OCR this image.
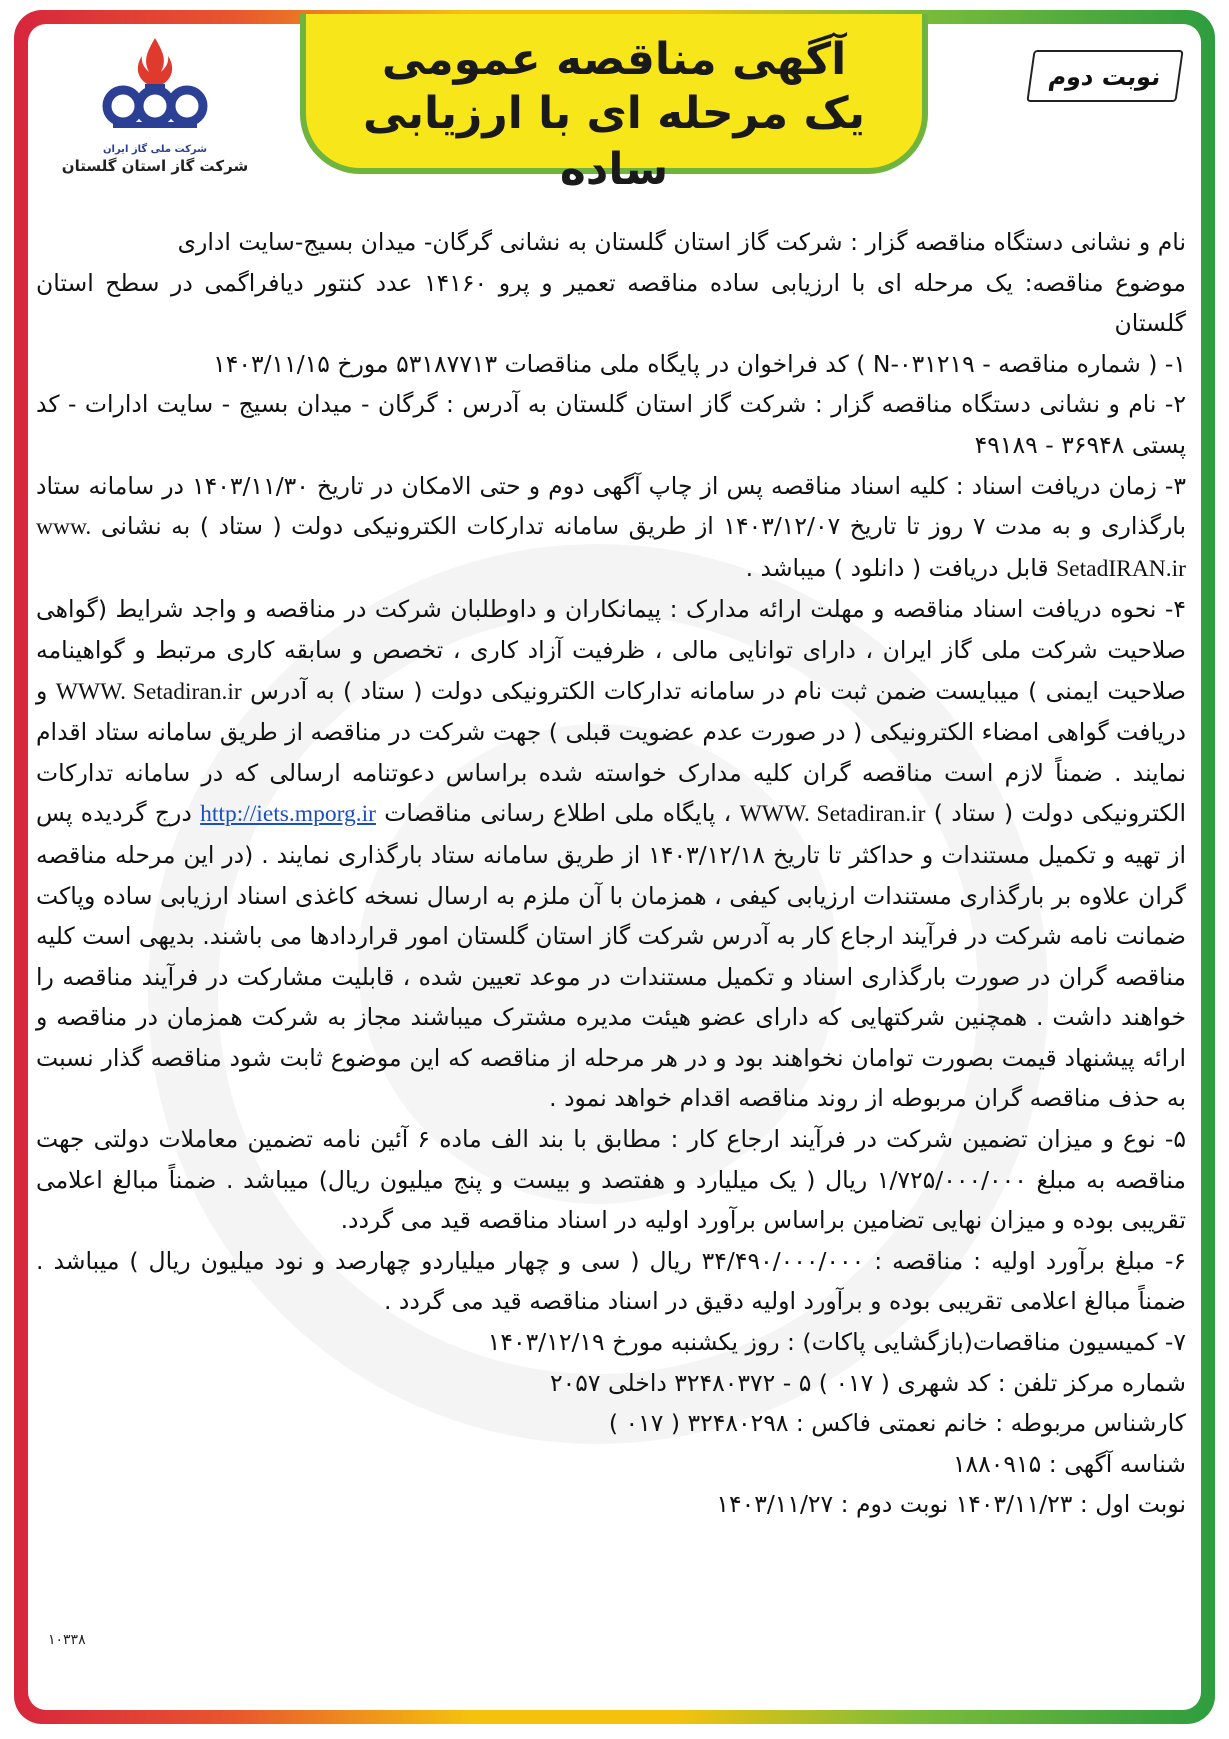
آگهی مناقصه عمومی
یک مرحله ای با ارزیابی ساده
نوبت دوم
شرکت ملی گاز ایران
شرکت گاز استان گلستان

نام و نشانی دستگاه مناقصه گزار : شرکت گاز استان گلستان به نشانی گرگان- میدان بسیج-سایت اداری

موضوع مناقصه: یک مرحله ای با ارزیابی ساده مناقصه تعمیر و پرو ۱۴۱۶۰ عدد کنتور دیافراگمی در سطح استان گلستان

۱- ( شماره مناقصه - ۰۳۱۲۱۹-N ) کد فراخوان در پایگاه ملی مناقصات ۵۳۱۸۷۷۱۳ مورخ ۱۴۰۳/۱۱/۱۵

۲- نام و نشانی دستگاه مناقصه گزار : شرکت گاز استان گلستان به آدرس : گرگان - میدان بسیج - سایت ادارات - کد پستی ۳۶۹۴۸ - ۴۹۱۸۹

۳- زمان دریافت اسناد : کلیه اسناد مناقصه پس از چاپ آگهی دوم و حتی الامکان در تاریخ ۱۴۰۳/۱۱/۳۰ در سامانه ستاد بارگذاری و به مدت ۷ روز تا تاریخ ۱۴۰۳/۱۲/۰۷ از طریق سامانه تدارکات الکترونیکی دولت ( ستاد ) به نشانی www. SetadIRAN.ir قابل دریافت ( دانلود ) میباشد .

۴- نحوه دریافت اسناد مناقصه و مهلت ارائه مدارک : پیمانکاران و داوطلبان شرکت در مناقصه و واجد شرایط (گواهی صلاحیت شرکت ملی گاز ایران ، دارای توانایی مالی ، ظرفیت آزاد کاری ، تخصص و سابقه کاری مرتبط و گواهینامه صلاحیت ایمنی ) میبایست ضمن ثبت نام در سامانه تدارکات الکترونیکی دولت ( ستاد ) به آدرس WWW. Setadiran.ir و دریافت گواهی امضاء الکترونیکی ( در صورت عدم عضویت قبلی ) جهت شرکت در مناقصه از طریق سامانه ستاد اقدام نمایند . ضمناً لازم است مناقصه گران کلیه مدارک خواسته شده براساس دعوتنامه ارسالی که در سامانه تدارکات الکترونیکی دولت ( ستاد ) WWW. Setadiran.ir ، پایگاه ملی اطلاع رسانی مناقصات http://iets.mporg.ir درج گردیده پس از تهیه و تکمیل مستندات و حداکثر تا تاریخ ۱۴۰۳/۱۲/۱۸ از طریق سامانه ستاد بارگذاری نمایند . (در این مرحله مناقصه گران علاوه بر بارگذاری مستندات ارزیابی کیفی ، همزمان با آن ملزم به ارسال نسخه کاغذی اسناد ارزیابی ساده وپاکت ضمانت نامه شرکت در فرآیند ارجاع کار به آدرس شرکت گاز استان گلستان امور قراردادها می باشند. بدیهی است کلیه مناقصه گران در صورت بارگذاری اسناد و تکمیل مستندات در موعد تعیین شده ، قابلیت مشارکت در فرآیند مناقصه را خواهند داشت . همچنین شرکتهایی که دارای عضو هیئت مدیره مشترک میباشند مجاز به شرکت همزمان در مناقصه و ارائه پیشنهاد قیمت بصورت توامان نخواهند بود و در هر مرحله از مناقصه که این موضوع ثابت شود مناقصه گذار نسبت به حذف مناقصه گران مربوطه از روند مناقصه اقدام خواهد نمود .

۵- نوع و میزان تضمین شرکت در فرآیند ارجاع کار : مطابق با بند الف ماده ۶ آئین نامه تضمین معاملات دولتی جهت مناقصه به مبلغ ۱/۷۲۵/۰۰۰/۰۰۰ ریال ( یک میلیارد و هفتصد و بیست و پنج میلیون ریال) میباشد . ضمناً مبالغ اعلامی تقریبی بوده و میزان نهایی تضامین براساس برآورد اولیه در اسناد مناقصه قید می گردد.

۶- مبلغ برآورد اولیه : مناقصه : ۳۴/۴۹۰/۰۰۰/۰۰۰ ریال ( سی و چهار میلیاردو چهارصد و نود میلیون ریال ) میباشد . ضمناً مبالغ اعلامی تقریبی بوده و برآورد اولیه دقیق در اسناد مناقصه قید می گردد .

۷- کمیسیون مناقصات(بازگشایی پاکات) : روز یکشنبه مورخ ۱۴۰۳/۱۲/۱۹

شماره مرکز تلفن : کد شهری ( ۰۱۷ ) ۵ - ۳۲۴۸۰۳۷۲ داخلی ۲۰۵۷

کارشناس مربوطه : خانم نعمتی فاکس : ۳۲۴۸۰۲۹۸ ( ۰۱۷ )

شناسه آگهی : ۱۸۸۰۹۱۵

نوبت اول : ۱۴۰۳/۱۱/۲۳ نوبت دوم : ۱۴۰۳/۱۱/۲۷

۱۰۳۳۸
